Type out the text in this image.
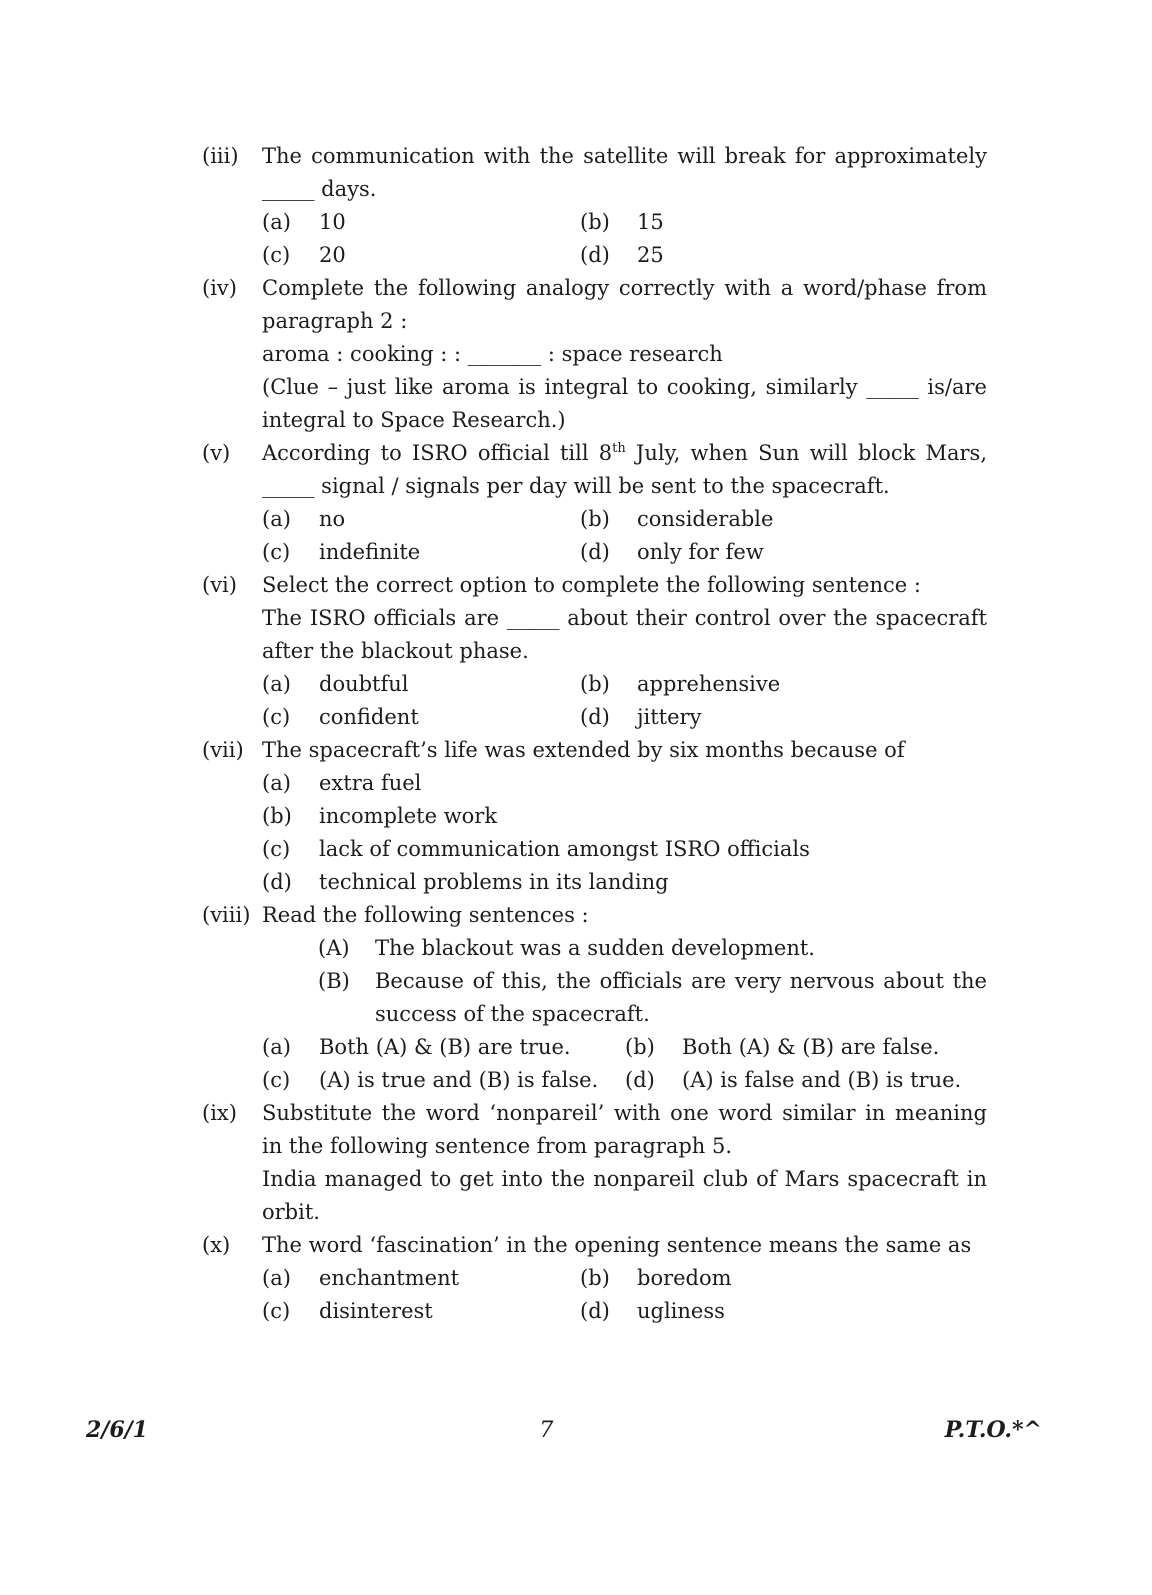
(iii)	The communication with the satellite will break for approximately _____ days.

(a)	10	(b)	15
(c)	20	(d)	25
(iv)	Complete the following analogy correctly with a word/phase from paragraph 2 :

aroma : cooking : : _______ : space research

(Clue – just like aroma is integral to cooking, similarly _____ is/are integral to Space Research.)

(v)	According to ISRO official till 8th July, when Sun will block Mars, _____ signal / signals per day will be sent to the spacecraft.

(a)	no	(b)	considerable
(c)	indefinite	(d)	only for few
(vi)	Select the correct option to complete the following sentence :

The ISRO officials are _____ about their control over the spacecraft after the blackout phase.

(a)	doubtful	(b)	apprehensive
(c)	confident	(d)	jittery
(vii) The spacecraft’s life was extended by six months because of

(a)	extra fuel
(b)	incomplete work
(c)	lack of communication amongst ISRO officials
(d)	technical problems in its landing
(viii) Read the following sentences :

(A)	The blackout was a sudden development.
(B)	Because of this, the officials are very nervous about the success of the spacecraft.
(a)	Both (A) & (B) are true.	(b)	Both (A) & (B) are false.
(c)	(A) is true and (B) is false.	(d)	(A) is false and (B) is true.
(ix)	Substitute the word ‘nonpareil’ with one word similar in meaning in the following sentence from paragraph 5.

India managed to get into the nonpareil club of Mars spacecraft in orbit.

(x)	The word ‘fascination’ in the opening sentence means the same as

(a)	enchantment	(b)	boredom
(c)	disinterest	(d)	ugliness
2/6/1	7	P.T.O.*^
